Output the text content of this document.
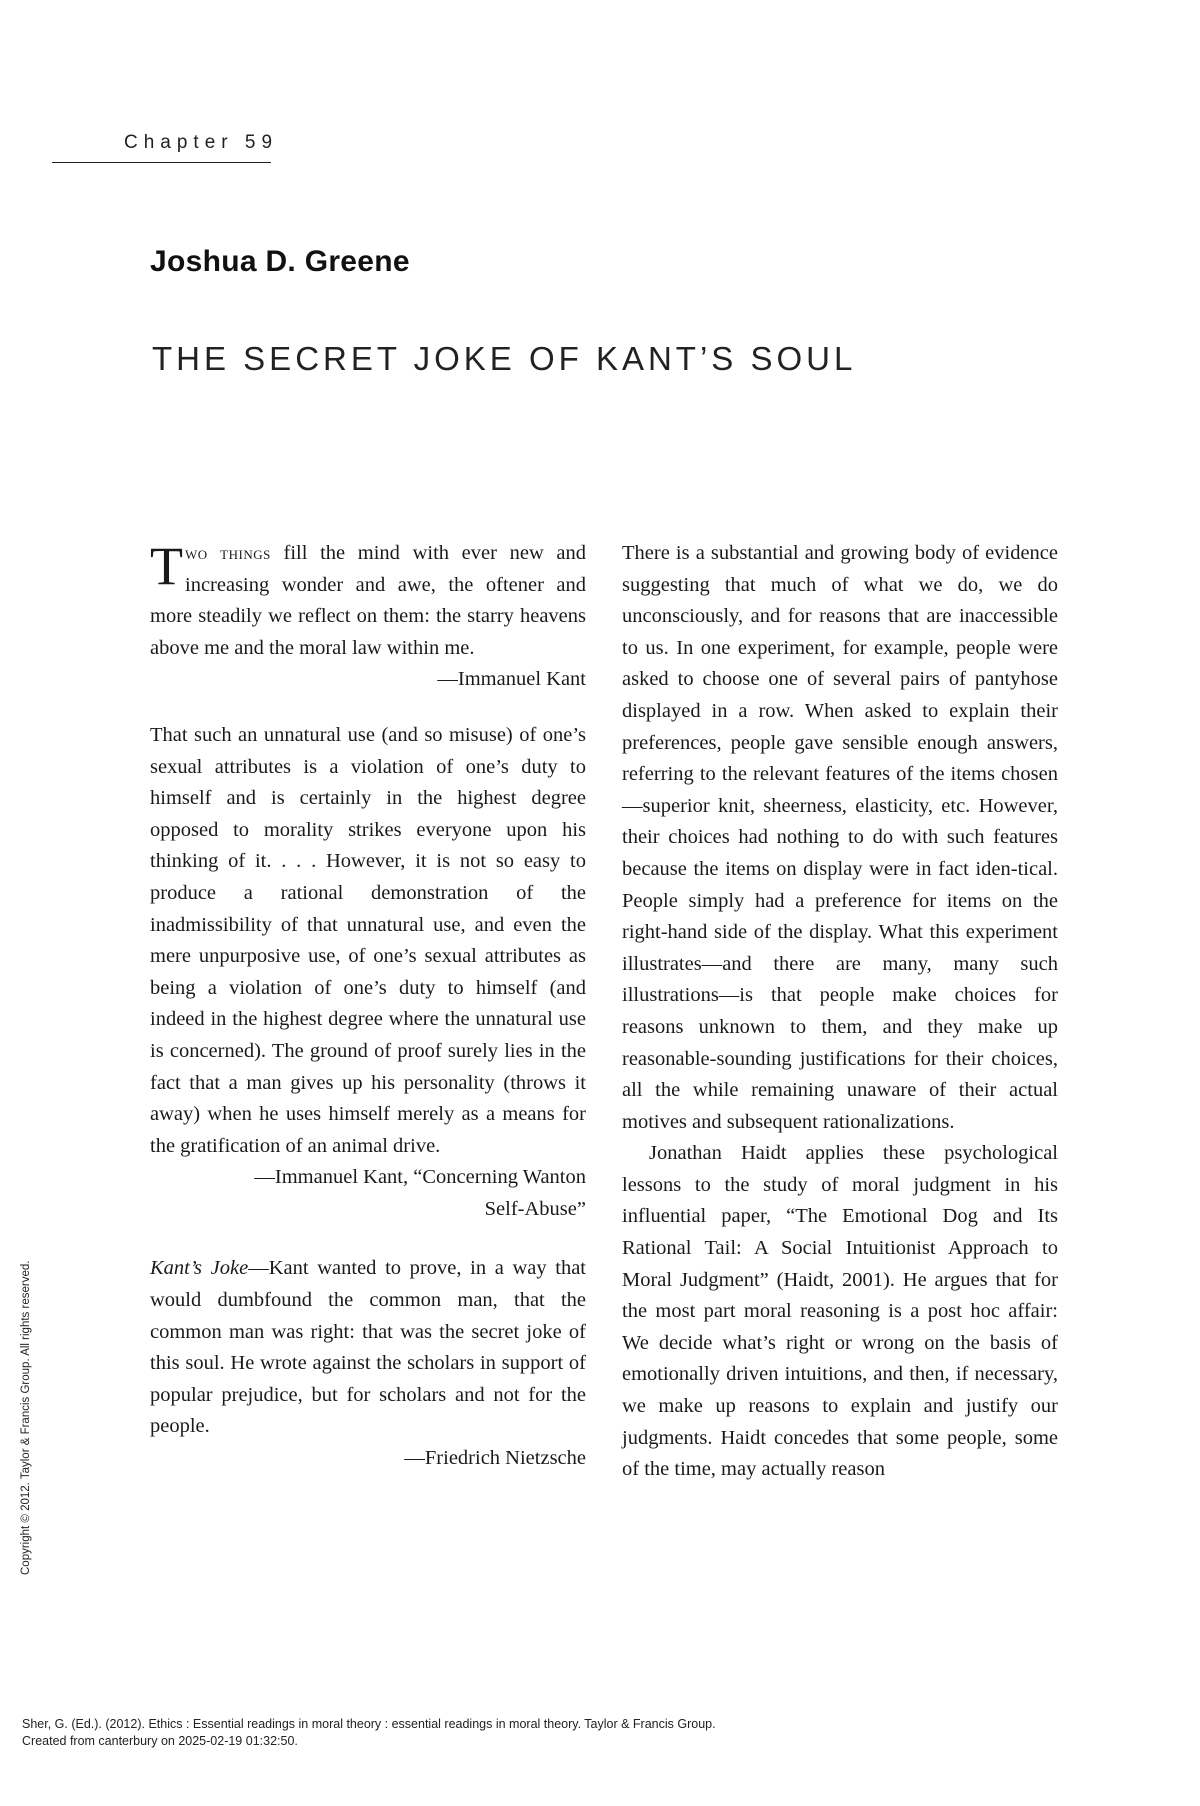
Chapter 59
Joshua D. Greene
THE SECRET JOKE OF KANT’S SOUL

Two things fill the mind with ever new and increasing wonder and awe, the oftener and more steadily we reflect on them: the starry heavens above me and the moral law within me.

—Immanuel Kant

That such an unnatural use (and so misuse) of one’s sexual attributes is a violation of one’s duty to himself and is certainly in the highest degree opposed to morality strikes everyone upon his thinking of it. . . . However, it is not so easy to produce a rational demonstration of the inadmissibility of that unnatural use, and even the mere unpurposive use, of one’s sexual attributes as being a violation of one’s duty to himself (and indeed in the highest degree where the unnatural use is concerned). The ground of proof surely lies in the fact that a man gives up his personality (throws it away) when he uses himself merely as a means for the gratification of an animal drive.

—Immanuel Kant, “Concerning Wanton

Self-Abuse”

Kant’s Joke—Kant wanted to prove, in a way that would dumbfound the common man, that the common man was right: that was the secret joke of this soul. He wrote against the scholars in support of popular prejudice, but for scholars and not for the people.

—Friedrich Nietzsche

There is a substantial and growing body of evidence suggesting that much of what we do, we do unconsciously, and for reasons that are inaccessible to us. In one experiment, for example, people were asked to choose one of several pairs of pantyhose displayed in a row. When asked to explain their preferences, people gave sensible enough answers, referring to the relevant features of the items chosen—superior knit, sheerness, elasticity, etc. However, their choices had nothing to do with such features because the items on display were in fact iden-tical. People simply had a preference for items on the right-hand side of the display. What this experiment illustrates—and there are many, many such illustrations—is that people make choices for reasons unknown to them, and they make up reasonable-sounding justifications for their choices, all the while remaining unaware of their actual motives and subsequent rationalizations.

Jonathan Haidt applies these psychological lessons to the study of moral judgment in his influential paper, “The Emotional Dog and Its Rational Tail: A Social Intuitionist Approach to Moral Judgment” (Haidt, 2001). He argues that for the most part moral reasoning is a post hoc affair: We decide what’s right or wrong on the basis of emotionally driven intuitions, and then, if necessary, we make up reasons to explain and justify our judgments. Haidt concedes that some people, some of the time, may actually reason

Copyright © 2012. Taylor & Francis Group. All rights reserved.
Sher, G. (Ed.). (2012). Ethics : Essential readings in moral theory : essential readings in moral theory. Taylor & Francis Group.
Created from canterbury on 2025-02-19 01:32:50.
